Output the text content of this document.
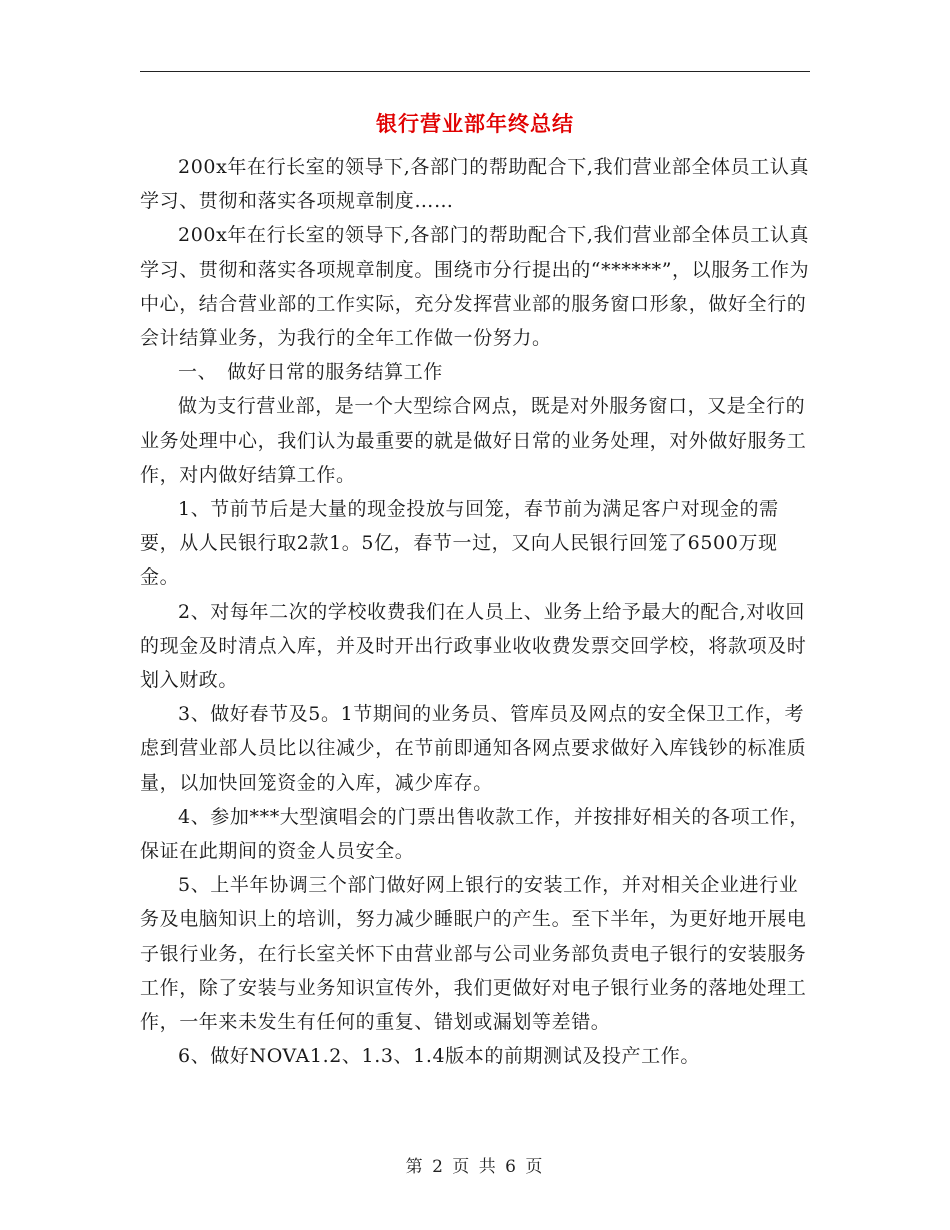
银行营业部年终总结

200x年在行长室的领导下,各部门的帮助配合下,我们营业部全体员工认真学习、贯彻和落实各项规章制度……

200x年在行长室的领导下,各部门的帮助配合下,我们营业部全体员工认真学习、贯彻和落实各项规章制度。围绕市分行提出的“******”，以服务工作为中心，结合营业部的工作实际，充分发挥营业部的服务窗口形象，做好全行的会计结算业务，为我行的全年工作做一份努力。

一、　做好日常的服务结算工作

做为支行营业部，是一个大型综合网点，既是对外服务窗口，又是全行的业务处理中心，我们认为最重要的就是做好日常的业务处理，对外做好服务工作，对内做好结算工作。

1、节前节后是大量的现金投放与回笼，春节前为满足客户对现金的需要，从人民银行取2款1。5亿，春节一过，又向人民银行回笼了6500万现金。

2、对每年二次的学校收费我们在人员上、业务上给予最大的配合,对收回的现金及时清点入库，并及时开出行政事业收收费发票交回学校，将款项及时划入财政。

3、做好春节及5。1节期间的业务员、管库员及网点的安全保卫工作，考虑到营业部人员比以往减少，在节前即通知各网点要求做好入库钱钞的标准质量，以加快回笼资金的入库，减少库存。

4、参加***大型演唱会的门票出售收款工作，并按排好相关的各项工作，保证在此期间的资金人员安全。

5、上半年协调三个部门做好网上银行的安装工作，并对相关企业进行业务及电脑知识上的培训，努力减少睡眠户的产生。至下半年，为更好地开展电子银行业务，在行长室关怀下由营业部与公司业务部负责电子银行的安装服务工作，除了安装与业务知识宣传外，我们更做好对电子银行业务的落地处理工作，一年来未发生有任何的重复、错划或漏划等差错。

6、做好NOVA1.2、1.3、1.4版本的前期测试及投产工作。

第 2 页 共 6 页
